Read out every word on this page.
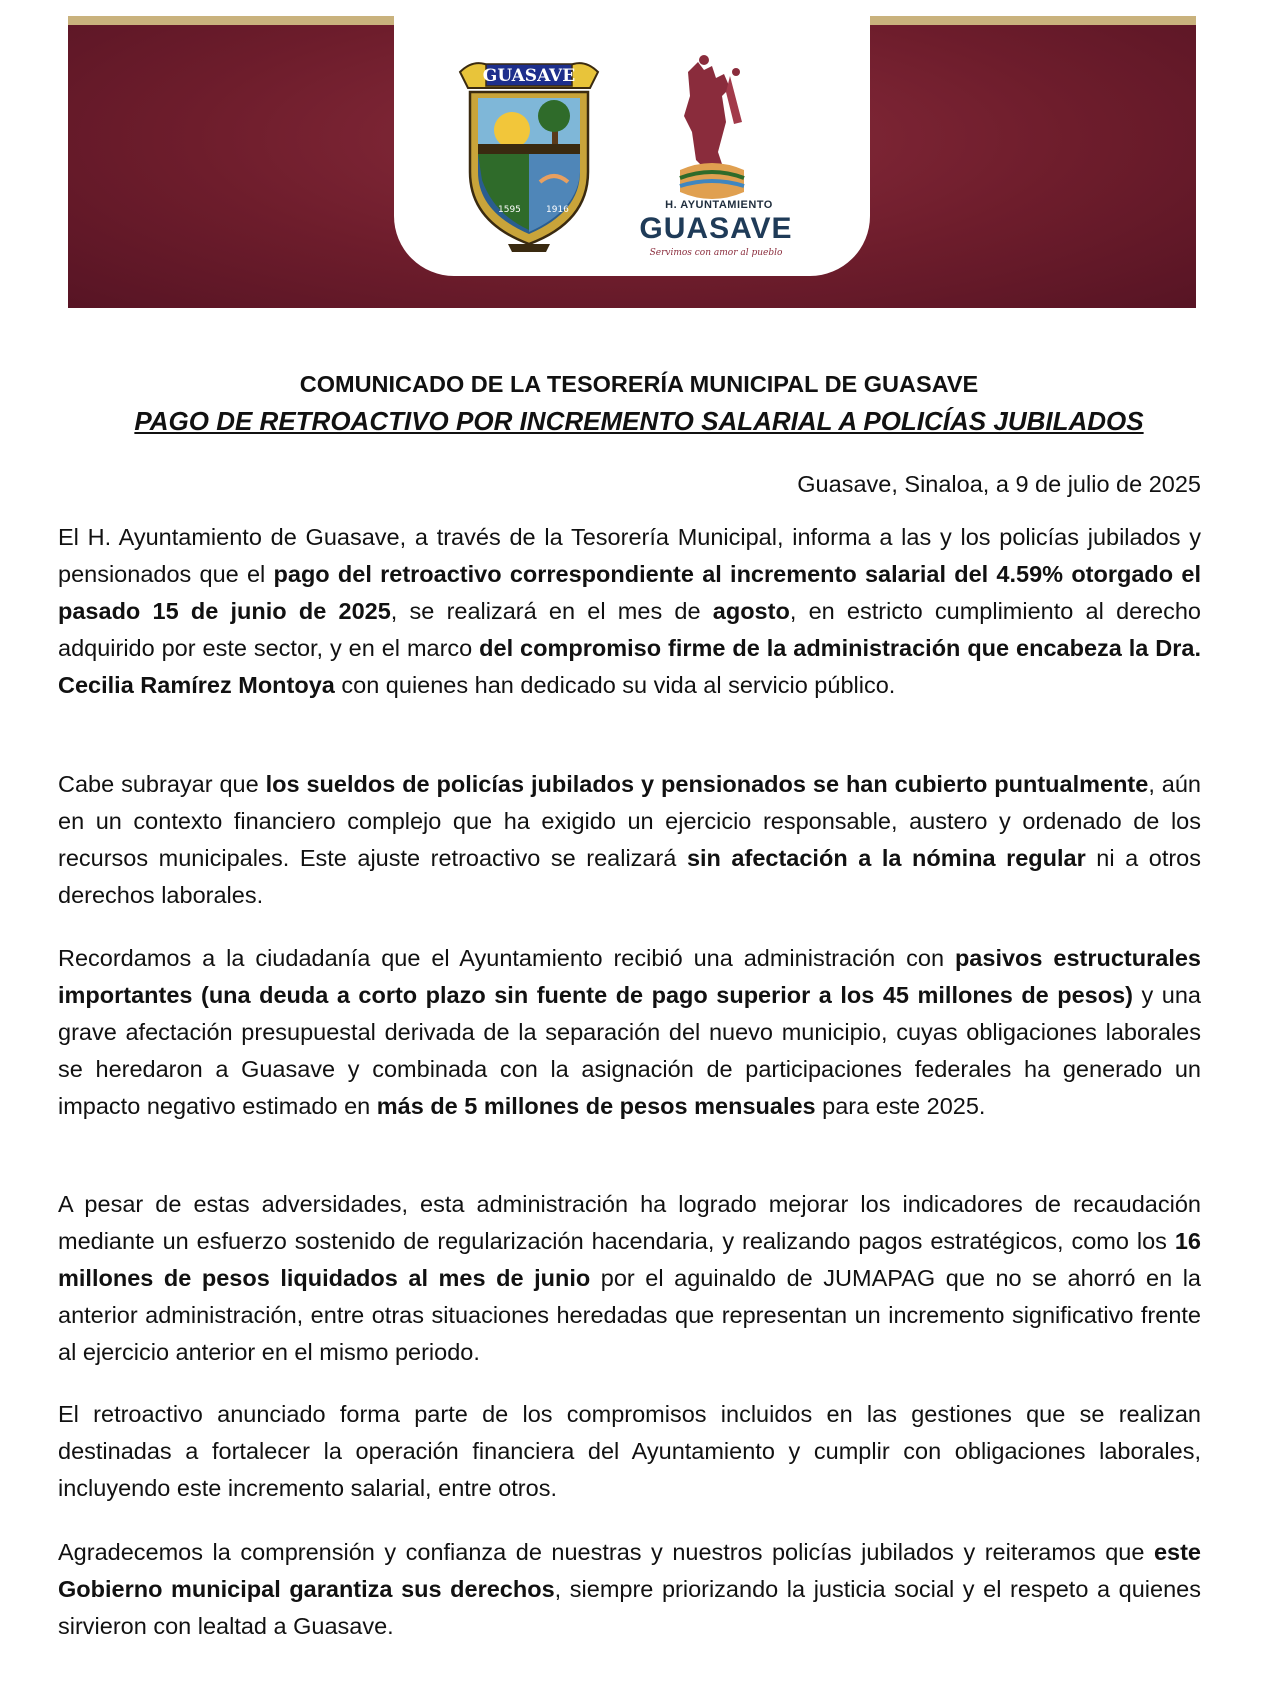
GUASAVE
1595	1916	H. AYUNTAMIENTO
GUASAVE
Servimos con amor al pueblo
COMUNICADO DE LA TESORERÍA MUNICIPAL DE GUASAVE
PAGO DE RETROACTIVO POR INCREMENTO SALARIAL A POLICÍAS JUBILADOS
Guasave, Sinaloa, a 9 de julio de 2025

El H. Ayuntamiento de Guasave, a través de la Tesorería Municipal, informa a las y los policías jubilados y pensionados que el pago del retroactivo correspondiente al incremento salarial del 4.59% otorgado el pasado 15 de junio de 2025, se realizará en el mes de agosto, en estricto cumplimiento al derecho adquirido por este sector, y en el marco del compromiso firme de la administración que encabeza la Dra. Cecilia Ramírez Montoya con quienes han dedicado su vida al servicio público.

Cabe subrayar que los sueldos de policías jubilados y pensionados se han cubierto puntualmente, aún en un contexto financiero complejo que ha exigido un ejercicio responsable, austero y ordenado de los recursos municipales. Este ajuste retroactivo se realizará sin afectación a la nómina regular ni a otros derechos laborales.

Recordamos a la ciudadanía que el Ayuntamiento recibió una administración con pasivos estructurales importantes (una deuda a corto plazo sin fuente de pago superior a los 45 millones de pesos) y una grave afectación presupuestal derivada de la separación del nuevo municipio, cuyas obligaciones laborales se heredaron a Guasave y combinada con la asignación de participaciones federales ha generado un impacto negativo estimado en más de 5 millones de pesos mensuales para este 2025.

A pesar de estas adversidades, esta administración ha logrado mejorar los indicadores de recaudación mediante un esfuerzo sostenido de regularización hacendaria, y realizando pagos estratégicos, como los 16 millones de pesos liquidados al mes de junio por el aguinaldo de JUMAPAG que no se ahorró en la anterior administración, entre otras situaciones heredadas que representan un incremento significativo frente al ejercicio anterior en el mismo periodo.

El retroactivo anunciado forma parte de los compromisos incluidos en las gestiones que se realizan destinadas a fortalecer la operación financiera del Ayuntamiento y cumplir con obligaciones laborales, incluyendo este incremento salarial, entre otros.

Agradecemos la comprensión y confianza de nuestras y nuestros policías jubilados y reiteramos que este Gobierno municipal garantiza sus derechos, siempre priorizando la justicia social y el respeto a quienes sirvieron con lealtad a Guasave.
